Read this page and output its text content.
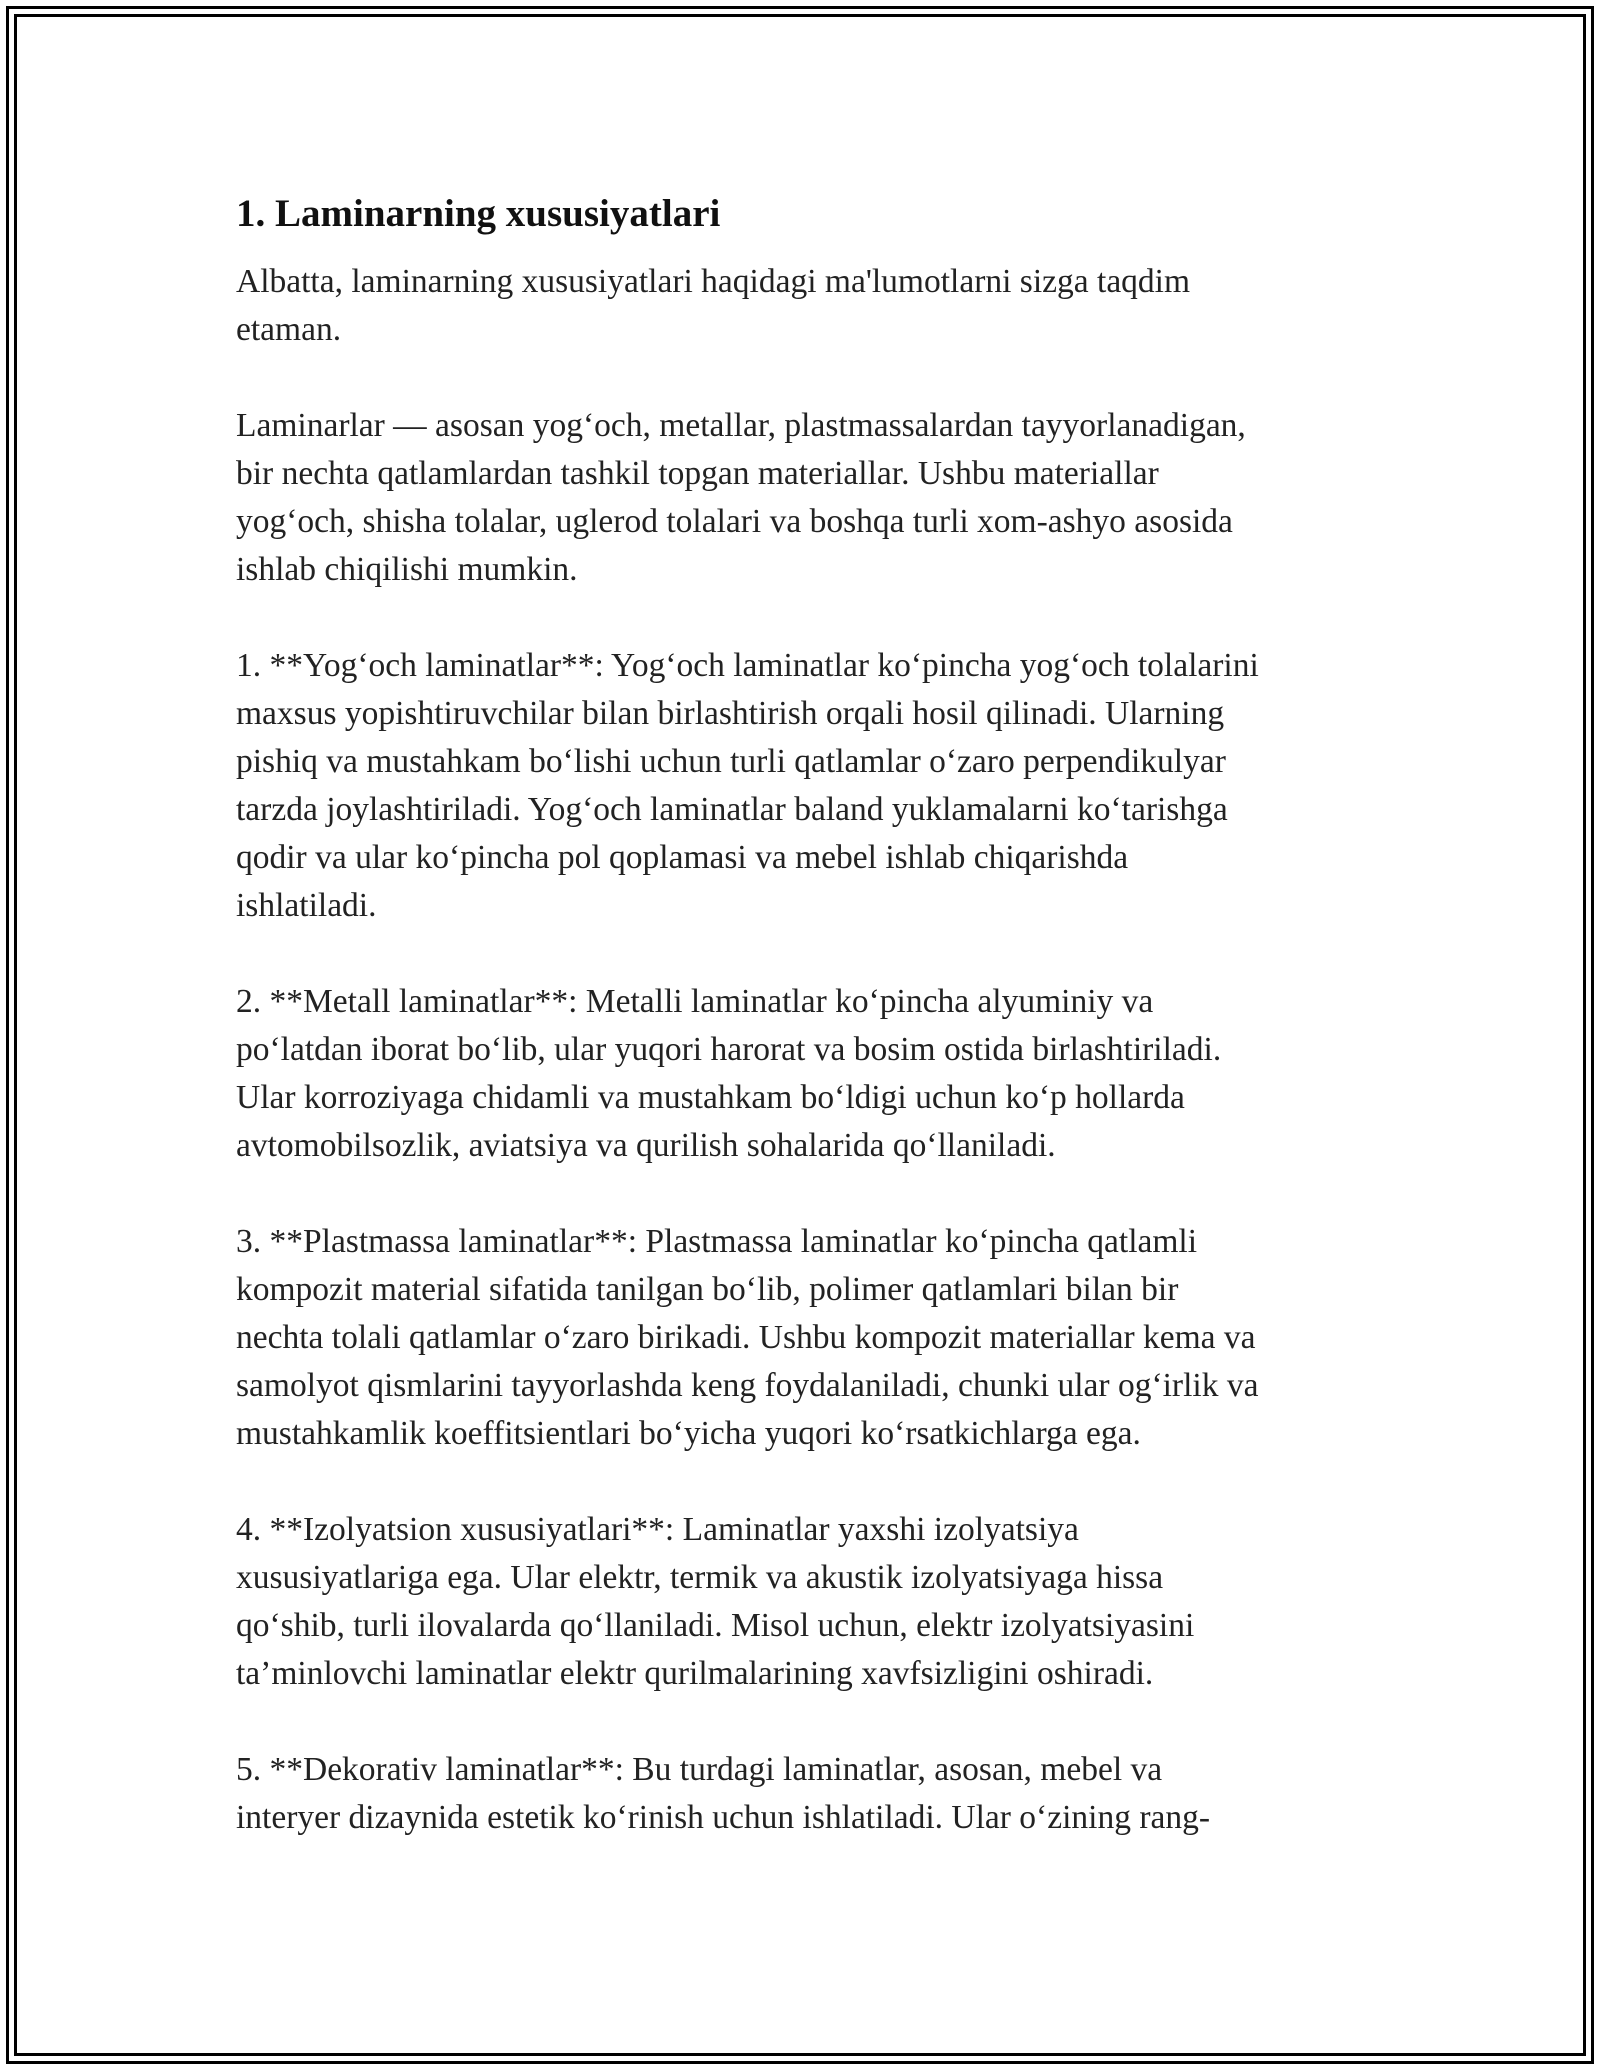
1. Laminarning xususiyatlari

Albatta, laminarning xususiyatlari haqidagi ma'lumotlarni sizga taqdim
etaman.

Laminarlar — asosan yog‘och, metallar, plastmassalardan tayyorlanadigan,
bir nechta qatlamlardan tashkil topgan materiallar. Ushbu materiallar
yog‘och, shisha tolalar, uglerod tolalari va boshqa turli xom-ashyo asosida
ishlab chiqilishi mumkin.

1. **Yog‘och laminatlar**: Yog‘och laminatlar ko‘pincha yog‘och tolalarini
maxsus yopishtiruvchilar bilan birlashtirish orqali hosil qilinadi. Ularning
pishiq va mustahkam bo‘lishi uchun turli qatlamlar o‘zaro perpendikulyar
tarzda joylashtiriladi. Yog‘och laminatlar baland yuklamalarni ko‘tarishga
qodir va ular ko‘pincha pol qoplamasi va mebel ishlab chiqarishda
ishlatiladi.

2. **Metall laminatlar**: Metalli laminatlar ko‘pincha alyuminiy va
po‘latdan iborat bo‘lib, ular yuqori harorat va bosim ostida birlashtiriladi.
Ular korroziyaga chidamli va mustahkam bo‘ldigi uchun ko‘p hollarda
avtomobilsozlik, aviatsiya va qurilish sohalarida qo‘llaniladi.

3. **Plastmassa laminatlar**: Plastmassa laminatlar ko‘pincha qatlamli
kompozit material sifatida tanilgan bo‘lib, polimer qatlamlari bilan bir
nechta tolali qatlamlar o‘zaro birikadi. Ushbu kompozit materiallar kema va
samolyot qismlarini tayyorlashda keng foydalaniladi, chunki ular og‘irlik va
mustahkamlik koeffitsientlari bo‘yicha yuqori ko‘rsatkichlarga ega.

4. **Izolyatsion xususiyatlari**: Laminatlar yaxshi izolyatsiya
xususiyatlariga ega. Ular elektr, termik va akustik izolyatsiyaga hissa
qo‘shib, turli ilovalarda qo‘llaniladi. Misol uchun, elektr izolyatsiyasini
ta’minlovchi laminatlar elektr qurilmalarining xavfsizligini oshiradi.

5. **Dekorativ laminatlar**: Bu turdagi laminatlar, asosan, mebel va
interyer dizaynida estetik ko‘rinish uchun ishlatiladi. Ular o‘zining rang-
